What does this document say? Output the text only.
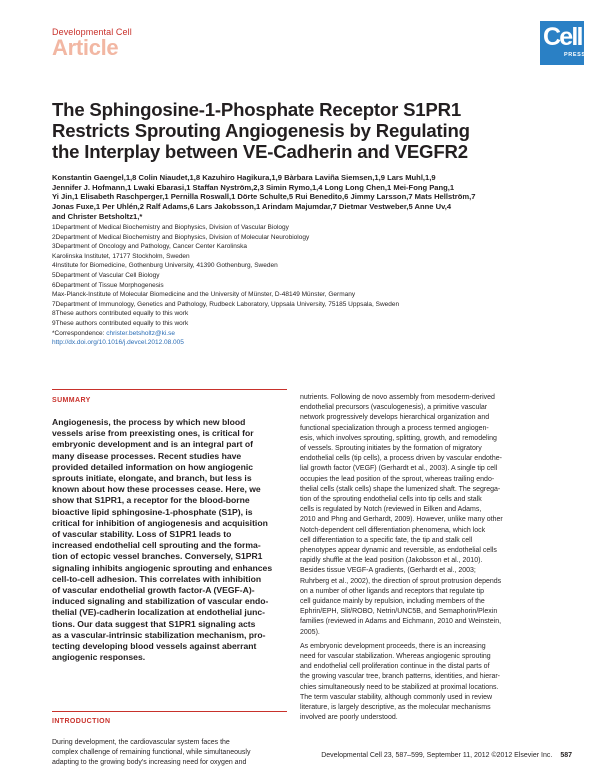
Developmental Cell
Article	Cell
PRESS
The Sphingosine-1-Phosphate Receptor S1PR1
Restricts Sprouting Angiogenesis by Regulating
the Interplay between VE-Cadherin and VEGFR2

Konstantin Gaengel,1,8 Colin Niaudet,1,8 Kazuhiro Hagikura,1,9 Bàrbara Laviña Siemsen,1,9 Lars Muhl,1,9

Jennifer J. Hofmann,1 Lwaki Ebarasi,1 Staffan Nyström,2,3 Simin Rymo,1,4 Long Long Chen,1 Mei-Fong Pang,1

Yi Jin,1 Elisabeth Raschperger,1 Pernilla Roswall,1 Dörte Schulte,5 Rui Benedito,6 Jimmy Larsson,7 Mats Hellström,7

Jonas Fuxe,1 Per Uhlén,2 Ralf Adams,6 Lars Jakobsson,1 Arindam Majumdar,7 Dietmar Vestweber,5 Anne Uv,4

and Christer Betsholtz1,*

1Department of Medical Biochemistry and Biophysics, Division of Vascular Biology

2Department of Medical Biochemistry and Biophysics, Division of Molecular Neurobiology

3Department of Oncology and Pathology, Cancer Center Karolinska

Karolinska Institutet, 17177 Stockholm, Sweden

4Institute for Biomedicine, Gothenburg University, 41390 Gothenburg, Sweden

5Department of Vascular Cell Biology

6Department of Tissue Morphogenesis

Max-Planck-Institute of Molecular Biomedicine and the University of Münster, D-48149 Münster, Germany

7Department of Immunology, Genetics and Pathology, Rudbeck Laboratory, Uppsala University, 75185 Uppsala, Sweden

8These authors contributed equally to this work

9These authors contributed equally to this work

*Correspondence: christer.betsholtz@ki.se

http://dx.doi.org/10.1016/j.devcel.2012.08.005

SUMMARY

Angiogenesis, the process by which new blood

vessels arise from preexisting ones, is critical for

embryonic development and is an integral part of

many disease processes. Recent studies have

provided detailed information on how angiogenic

sprouts initiate, elongate, and branch, but less is

known about how these processes cease. Here, we

show that S1PR1, a receptor for the blood-borne

bioactive lipid sphingosine-1-phosphate (S1P), is

critical for inhibition of angiogenesis and acquisition

of vascular stability. Loss of S1PR1 leads to

increased endothelial cell sprouting and the forma-

tion of ectopic vessel branches. Conversely, S1PR1

signaling inhibits angiogenic sprouting and enhances

cell-to-cell adhesion. This correlates with inhibition

of vascular endothelial growth factor-A (VEGF-A)-

induced signaling and stabilization of vascular endo-

thelial (VE)-cadherin localization at endothelial junc-

tions. Our data suggest that S1PR1 signaling acts

as a vascular-intrinsic stabilization mechanism, pro-

tecting developing blood vessels against aberrant

angiogenic responses.

INTRODUCTION

During development, the cardiovascular system faces the

complex challenge of remaining functional, while simultaneously

adapting to the growing body's increasing need for oxygen and

nutrients. Following de novo assembly from mesoderm-derived

endothelial precursors (vasculogenesis), a primitive vascular

network progressively develops hierarchical organization and

functional specialization through a process termed angiogen-

esis, which involves sprouting, splitting, growth, and remodeling

of vessels. Sprouting initiates by the formation of migratory

endothelial cells (tip cells), a process driven by vascular endothe-

lial growth factor (VEGF) (Gerhardt et al., 2003). A single tip cell

occupies the lead position of the sprout, whereas trailing endo-

thelial cells (stalk cells) shape the lumenized shaft. The segrega-

tion of the sprouting endothelial cells into tip cells and stalk

cells is regulated by Notch (reviewed in Eilken and Adams,

2010 and Phng and Gerhardt, 2009). However, unlike many other

Notch-dependent cell differentiation phenomena, which lock

cell differentiation to a specific fate, the tip and stalk cell

phenotypes appear dynamic and reversible, as endothelial cells

rapidly shuffle at the lead position (Jakobsson et al., 2010).

Besides tissue VEGF-A gradients, (Gerhardt et al., 2003;

Ruhrberg et al., 2002), the direction of sprout protrusion depends

on a number of other ligands and receptors that regulate tip

cell guidance mainly by repulsion, including members of the

Ephrin/EPH, Slit/ROBO, Netrin/UNC5B, and Semaphorin/Plexin

families (reviewed in Adams and Eichmann, 2010 and Weinstein,

2005).

As embryonic development proceeds, there is an increasing

need for vascular stabilization. Whereas angiogenic sprouting

and endothelial cell proliferation continue in the distal parts of

the growing vascular tree, branch patterns, identities, and hierar-

chies simultaneously need to be stabilized at proximal locations.

The term vascular stability, although commonly used in review

literature, is largely descriptive, as the molecular mechanisms

involved are poorly understood.

Developmental Cell 23, 587–599, September 11, 2012 ©2012 Elsevier Inc. 587
